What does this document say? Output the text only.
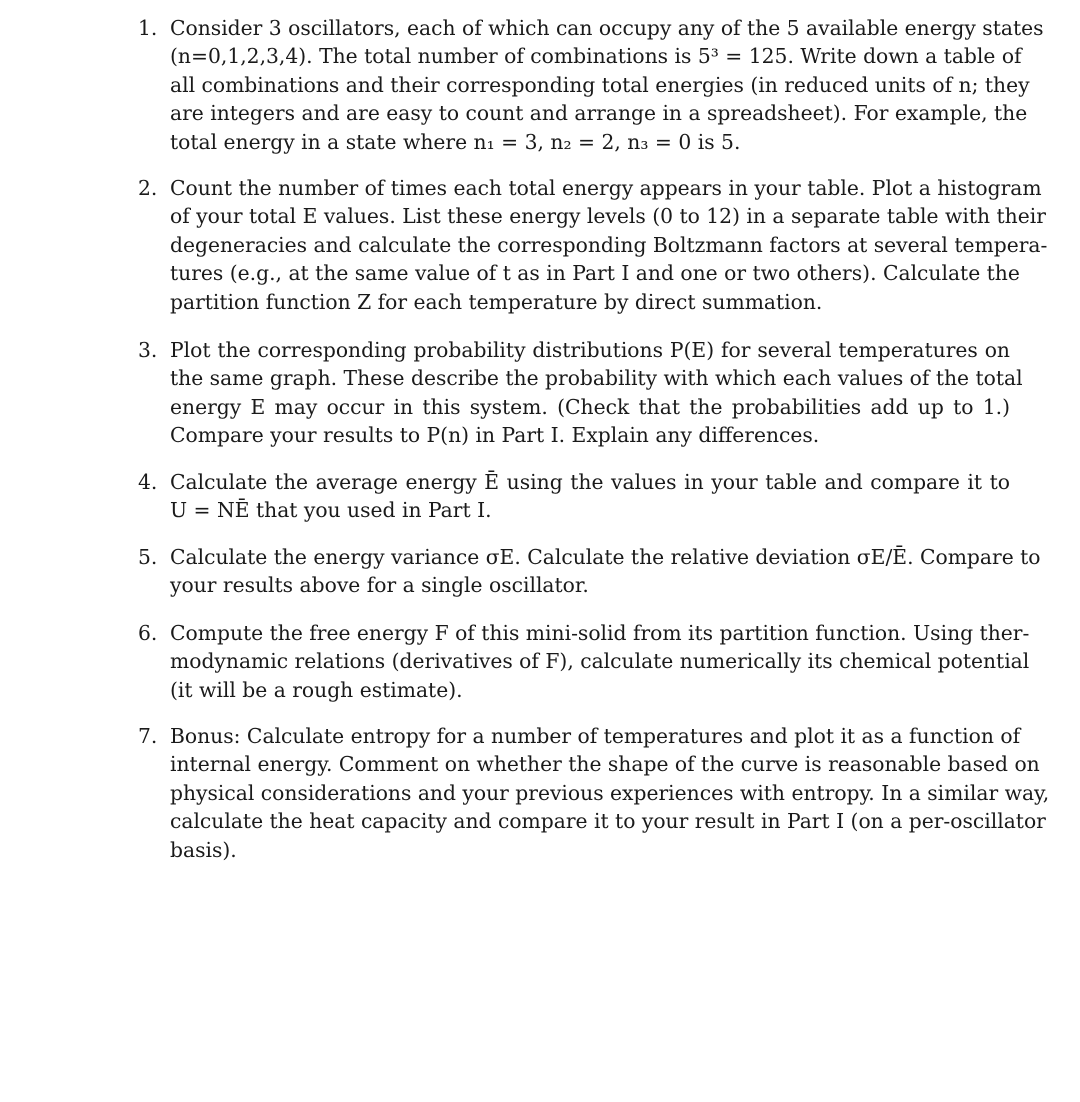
1. Consider 3 oscillators, each of which can occupy any of the 5 available energy states
(n=0,1,2,3,4). The total number of combinations is 5³ = 125. Write down a table of
all combinations and their corresponding total energies (in reduced units of n; they
are integers and are easy to count and arrange in a spreadsheet). For example, the
total energy in a state where n₁ = 3, n₂ = 2, n₃ = 0 is 5.
2. Count the number of times each total energy appears in your table. Plot a histogram
of your total E values. List these energy levels (0 to 12) in a separate table with their
degeneracies and calculate the corresponding Boltzmann factors at several tempera-
tures (e.g., at the same value of t as in Part I and one or two others). Calculate the
partition function Z for each temperature by direct summation.
3. Plot the corresponding probability distributions P(E) for several temperatures on
the same graph. These describe the probability with which each values of the total
energy E may occur in this system. (Check that the probabilities add up to 1.)
Compare your results to P(n) in Part I. Explain any differences.
4. Calculate the average energy Ē using the values in your table and compare it to
U = NĒ that you used in Part I.
5. Calculate the energy variance σE. Calculate the relative deviation σE/Ē. Compare to
your results above for a single oscillator.
6. Compute the free energy F of this mini-solid from its partition function. Using ther-
modynamic relations (derivatives of F), calculate numerically its chemical potential
(it will be a rough estimate).
7. Bonus: Calculate entropy for a number of temperatures and plot it as a function of
internal energy. Comment on whether the shape of the curve is reasonable based on
physical considerations and your previous experiences with entropy. In a similar way,
calculate the heat capacity and compare it to your result in Part I (on a per-oscillator
basis).
